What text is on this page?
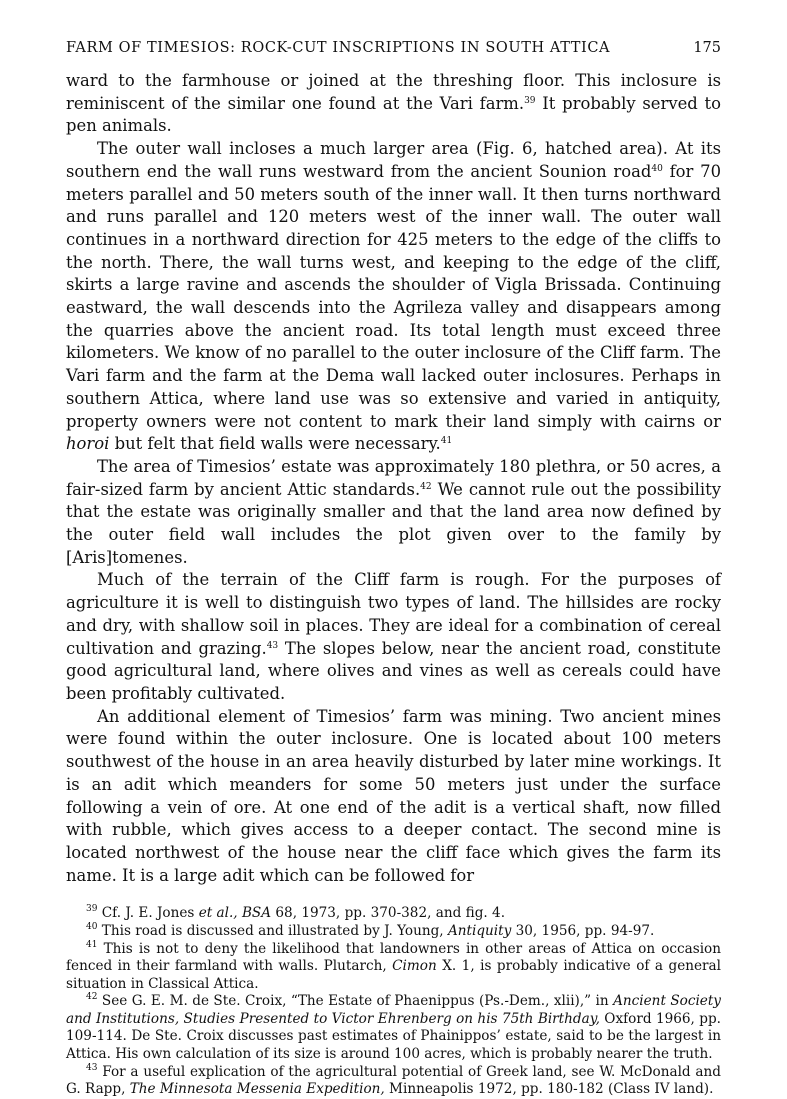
FARM OF TIMESIOS: ROCK-CUT INSCRIPTIONS IN SOUTH ATTICA	175

ward to the farmhouse or joined at the threshing floor. This inclosure is reminiscent of the similar one found at the Vari farm.$^{39}$ It probably served to pen animals.

The outer wall incloses a much larger area (Fig. 6, hatched area). At its southern end the wall runs westward from the ancient Sounion road$^{40}$ for 70 meters parallel and 50 meters south of the inner wall. It then turns northward and runs parallel and 120 meters west of the inner wall. The outer wall continues in a northward direction for 425 meters to the edge of the cliffs to the north. There, the wall turns west, and keeping to the edge of the cliff, skirts a large ravine and ascends the shoulder of Vigla Brissada. Continuing eastward, the wall descends into the Agrileza valley and disappears among the quarries above the ancient road. Its total length must exceed three kilometers. We know of no parallel to the outer inclosure of the Cliff farm. The Vari farm and the farm at the Dema wall lacked outer inclosures. Perhaps in southern Attica, where land use was so extensive and varied in antiquity, property owners were not content to mark their land simply with cairns or horoi but felt that field walls were necessary.$^{41}$

The area of Timesios’ estate was approximately 180 plethra, or 50 acres, a fair-sized farm by ancient Attic standards.$^{42}$ We cannot rule out the possibility that the estate was originally smaller and that the land area now defined by the outer field wall includes the plot given over to the family by [Aris]tomenes.

Much of the terrain of the Cliff farm is rough. For the purposes of agriculture it is well to distinguish two types of land. The hillsides are rocky and dry, with shallow soil in places. They are ideal for a combination of cereal cultivation and grazing.$^{43}$ The slopes below, near the ancient road, constitute good agricultural land, where olives and vines as well as cereals could have been profitably cultivated.

An additional element of Timesios’ farm was mining. Two ancient mines were found within the outer inclosure. One is located about 100 meters southwest of the house in an area heavily disturbed by later mine workings. It is an adit which meanders for some 50 meters just under the surface following a vein of ore. At one end of the adit is a vertical shaft, now filled with rubble, which gives access to a deeper contact. The second mine is located northwest of the house near the cliff face which gives the farm its name. It is a large adit which can be followed for

$^{39}$ Cf. J. E. Jones et al., BSA 68, 1973, pp. 370-382, and fig. 4.

$^{40}$ This road is discussed and illustrated by J. Young, Antiquity 30, 1956, pp. 94-97.

$^{41}$ This is not to deny the likelihood that landowners in other areas of Attica on occasion fenced in their farmland with walls. Plutarch, Cimon X. 1, is probably indicative of a general situation in Classical Attica.

$^{42}$ See G. E. M. de Ste. Croix, “The Estate of Phaenippus (Ps.-Dem., xlii),” in Ancient Society and Institutions, Studies Presented to Victor Ehrenberg on his 75th Birthday, Oxford 1966, pp. 109-114. De Ste. Croix discusses past estimates of Phainippos’ estate, said to be the largest in Attica. His own calculation of its size is around 100 acres, which is probably nearer the truth.

$^{43}$ For a useful explication of the agricultural potential of Greek land, see W. McDonald and G. Rapp, The Minnesota Messenia Expedition, Minneapolis 1972, pp. 180-182 (Class IV land).
